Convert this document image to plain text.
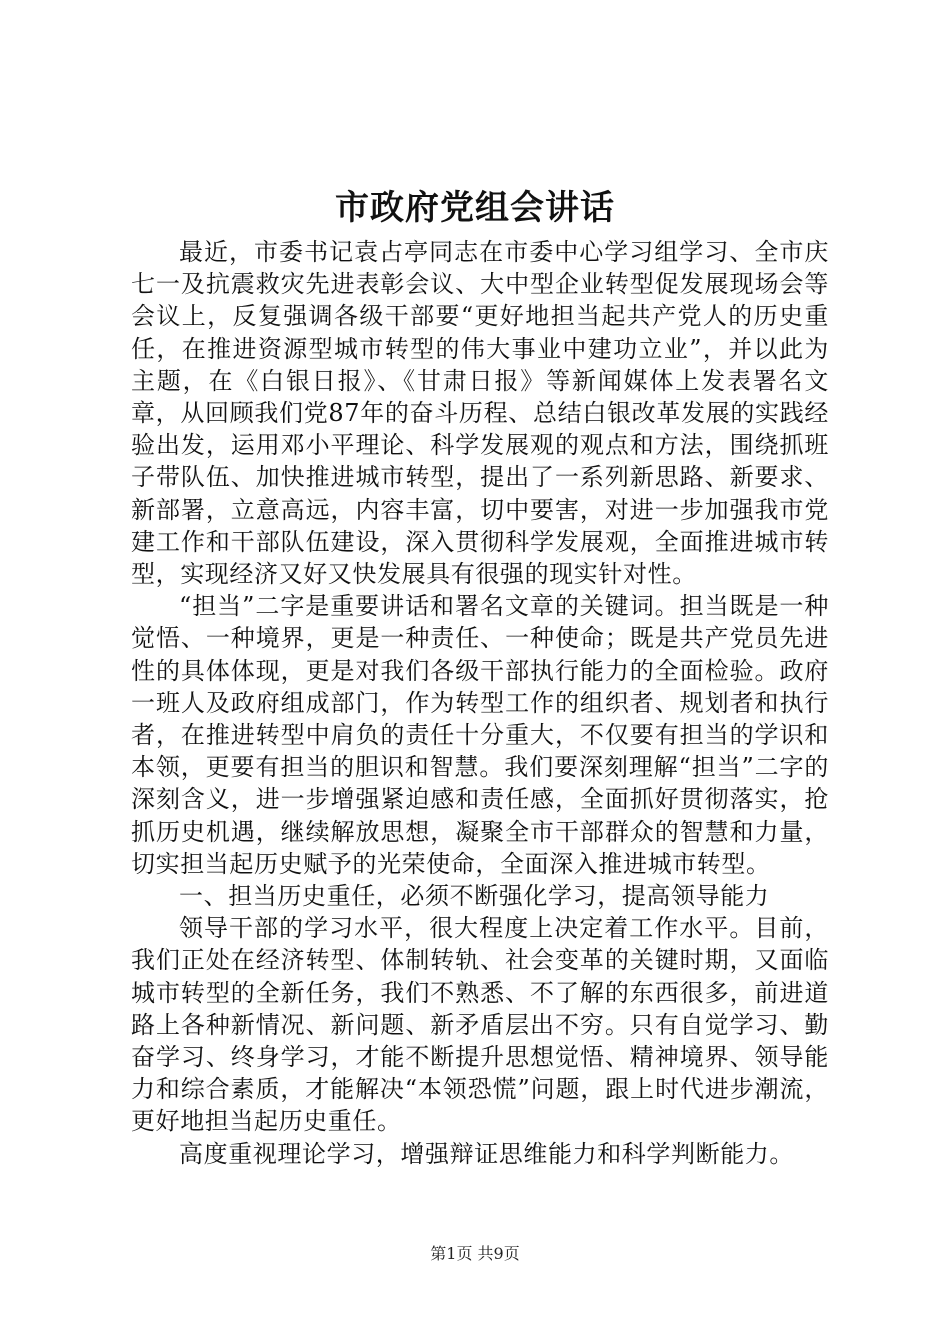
市政府党组会讲话

最近，市委书记袁占亭同志在市委中心学习组学习、全市庆七一及抗震救灾先进表彰会议、大中型企业转型促发展现场会等会议上，反复强调各级干部要“更好地担当起共产党人的历史重任，在推进资源型城市转型的伟大事业中建功立业”，并以此为主题，在《白银日报》、《甘肃日报》等新闻媒体上发表署名文章，从回顾我们党87年的奋斗历程、总结白银改革发展的实践经验出发，运用邓小平理论、科学发展观的观点和方法，围绕抓班子带队伍、加快推进城市转型，提出了一系列新思路、新要求、新部署，立意高远，内容丰富，切中要害，对进一步加强我市党建工作和干部队伍建设，深入贯彻科学发展观，全面推进城市转型，实现经济又好又快发展具有很强的现实针对性。

“担当”二字是重要讲话和署名文章的关键词。担当既是一种觉悟、一种境界，更是一种责任、一种使命；既是共产党员先进性的具体体现，更是对我们各级干部执行能力的全面检验。政府一班人及政府组成部门，作为转型工作的组织者、规划者和执行者，在推进转型中肩负的责任十分重大，不仅要有担当的学识和本领，更要有担当的胆识和智慧。我们要深刻理解“担当”二字的深刻含义，进一步增强紧迫感和责任感，全面抓好贯彻落实，抢抓历史机遇，继续解放思想，凝聚全市干部群众的智慧和力量，切实担当起历史赋予的光荣使命，全面深入推进城市转型。

一、担当历史重任，必须不断强化学习，提高领导能力

领导干部的学习水平，很大程度上决定着工作水平。目前，我们正处在经济转型、体制转轨、社会变革的关键时期，又面临城市转型的全新任务，我们不熟悉、不了解的东西很多，前进道路上各种新情况、新问题、新矛盾层出不穷。只有自觉学习、勤奋学习、终身学习，才能不断提升思想觉悟、精神境界、领导能力和综合素质，才能解决“本领恐慌”问题，跟上时代进步潮流，更好地担当起历史重任。

高度重视理论学习，增强辩证思维能力和科学判断能力。

第1页 共9页
